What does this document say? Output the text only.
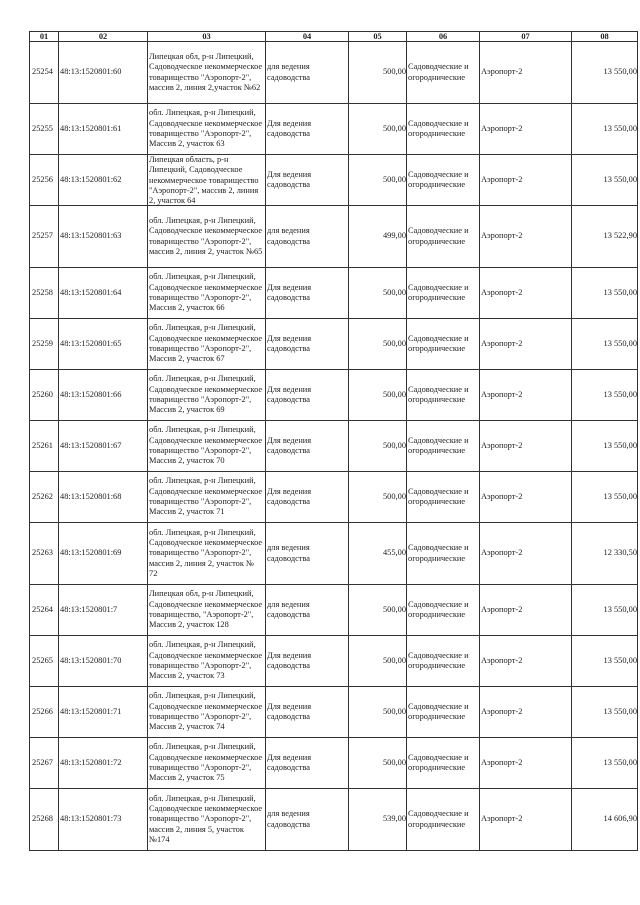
01	02	03	04	05	06	07	08
25254	48:13:1520801:60	Липецкая обл, р-н Липецкий, Садоводческое некоммерческое товарищество "Аэропорт-2", массив 2, линия 2,участок №62	для ведения садоводства	500,00	Садоводческие и огороднические	Аэропорт-2	13 550,00
25255	48:13:1520801:61	обл. Липецкая, р-н Липецкий, Садоводческое некоммерческое товарищество "Аэропорт-2", Массив 2, участок 63	Для ведения садоводства	500,00	Садоводческие и огороднические	Аэропорт-2	13 550,00
25256	48:13:1520801:62	Липецкая область, р-н Липецкий, Садоводческое некоммерческое товарищество "Аэропорт-2", массив 2, линия 2, участок 64	Для ведения садоводства	500,00	Садоводческие и огороднические	Аэропорт-2	13 550,00
25257	48:13:1520801:63	обл. Липецкая, р-н Липецкий, Садоводческое некоммерческое товарищество "Аэропорт-2", массив 2, линия 2, участок №65	для ведения садоводства	499,00	Садоводческие и огороднические	Аэропорт-2	13 522,90
25258	48:13:1520801:64	обл. Липецкая, р-н Липецкий, Садоводческое некоммерческое товарищество "Аэропорт-2", Массив 2, участок 66	Для ведения садоводства	500,00	Садоводческие и огороднические	Аэропорт-2	13 550,00
25259	48:13:1520801:65	обл. Липецкая, р-н Липецкий, Садоводческое некоммерческое товарищество "Аэропорт-2", Массив 2, участок 67	Для ведения садоводства	500,00	Садоводческие и огороднические	Аэропорт-2	13 550,00
25260	48:13:1520801:66	обл. Липецкая, р-н Липецкий, Садоводческое некоммерческое товарищество "Аэропорт-2", Массив 2, участок 69	Для ведения садоводства	500,00	Садоводческие и огороднические	Аэропорт-2	13 550,00
25261	48:13:1520801:67	обл. Липецкая, р-н Липецкий, Садоводческое некоммерческое товарищество "Аэропорт-2", Массив 2, участок 70	Для ведения садоводства	500,00	Садоводческие и огороднические	Аэропорт-2	13 550,00
25262	48:13:1520801:68	обл. Липецкая, р-н Липецкий, Садоводческое некоммерческое товарищество "Аэропорт-2", Массив 2, участок 71	Для ведения садоводства	500,00	Садоводческие и огороднические	Аэропорт-2	13 550,00
25263	48:13:1520801:69	обл. Липецкая, р-н Липецкий, Садоводческое некоммерческое товарищество "Аэропорт-2", массив 2, линия 2, участок № 72	для ведения садоводства	455,00	Садоводческие и огороднические	Аэропорт-2	12 330,50
25264	48:13:1520801:7	Липецкая обл, р-н Липецкий, Садоводческое некоммерческое товарищество, "Аэропорт-2", Массив 2, участок 128	для ведения садоводства	500,00	Садоводческие и огороднические	Аэропорт-2	13 550,00
25265	48:13:1520801:70	обл. Липецкая, р-н Липецкий, Садоводческое некоммерческое товарищество "Аэропорт-2", Массив 2, участок 73	Для ведения садоводства	500,00	Садоводческие и огороднические	Аэропорт-2	13 550,00
25266	48:13:1520801:71	обл. Липецкая, р-н Липецкий, Садоводческое некоммерческое товарищество "Аэропорт-2", Массив 2, участок 74	Для ведения садоводства	500,00	Садоводческие и огороднические	Аэропорт-2	13 550,00
25267	48:13:1520801:72	обл. Липецкая, р-н Липецкий, Садоводческое некоммерческое товарищество "Аэропорт-2", Массив 2, участок 75	Для ведения садоводства	500,00	Садоводческие и огороднические	Аэропорт-2	13 550,00
25268	48:13:1520801:73	обл. Липецкая, р-н Липецкий, Садоводческое некоммерческое товарищество "Аэропорт-2", массив 2, линия 5, участок №174	для ведения садоводства	539,00	Садоводческие и огороднические	Аэропорт-2	14 606,90
